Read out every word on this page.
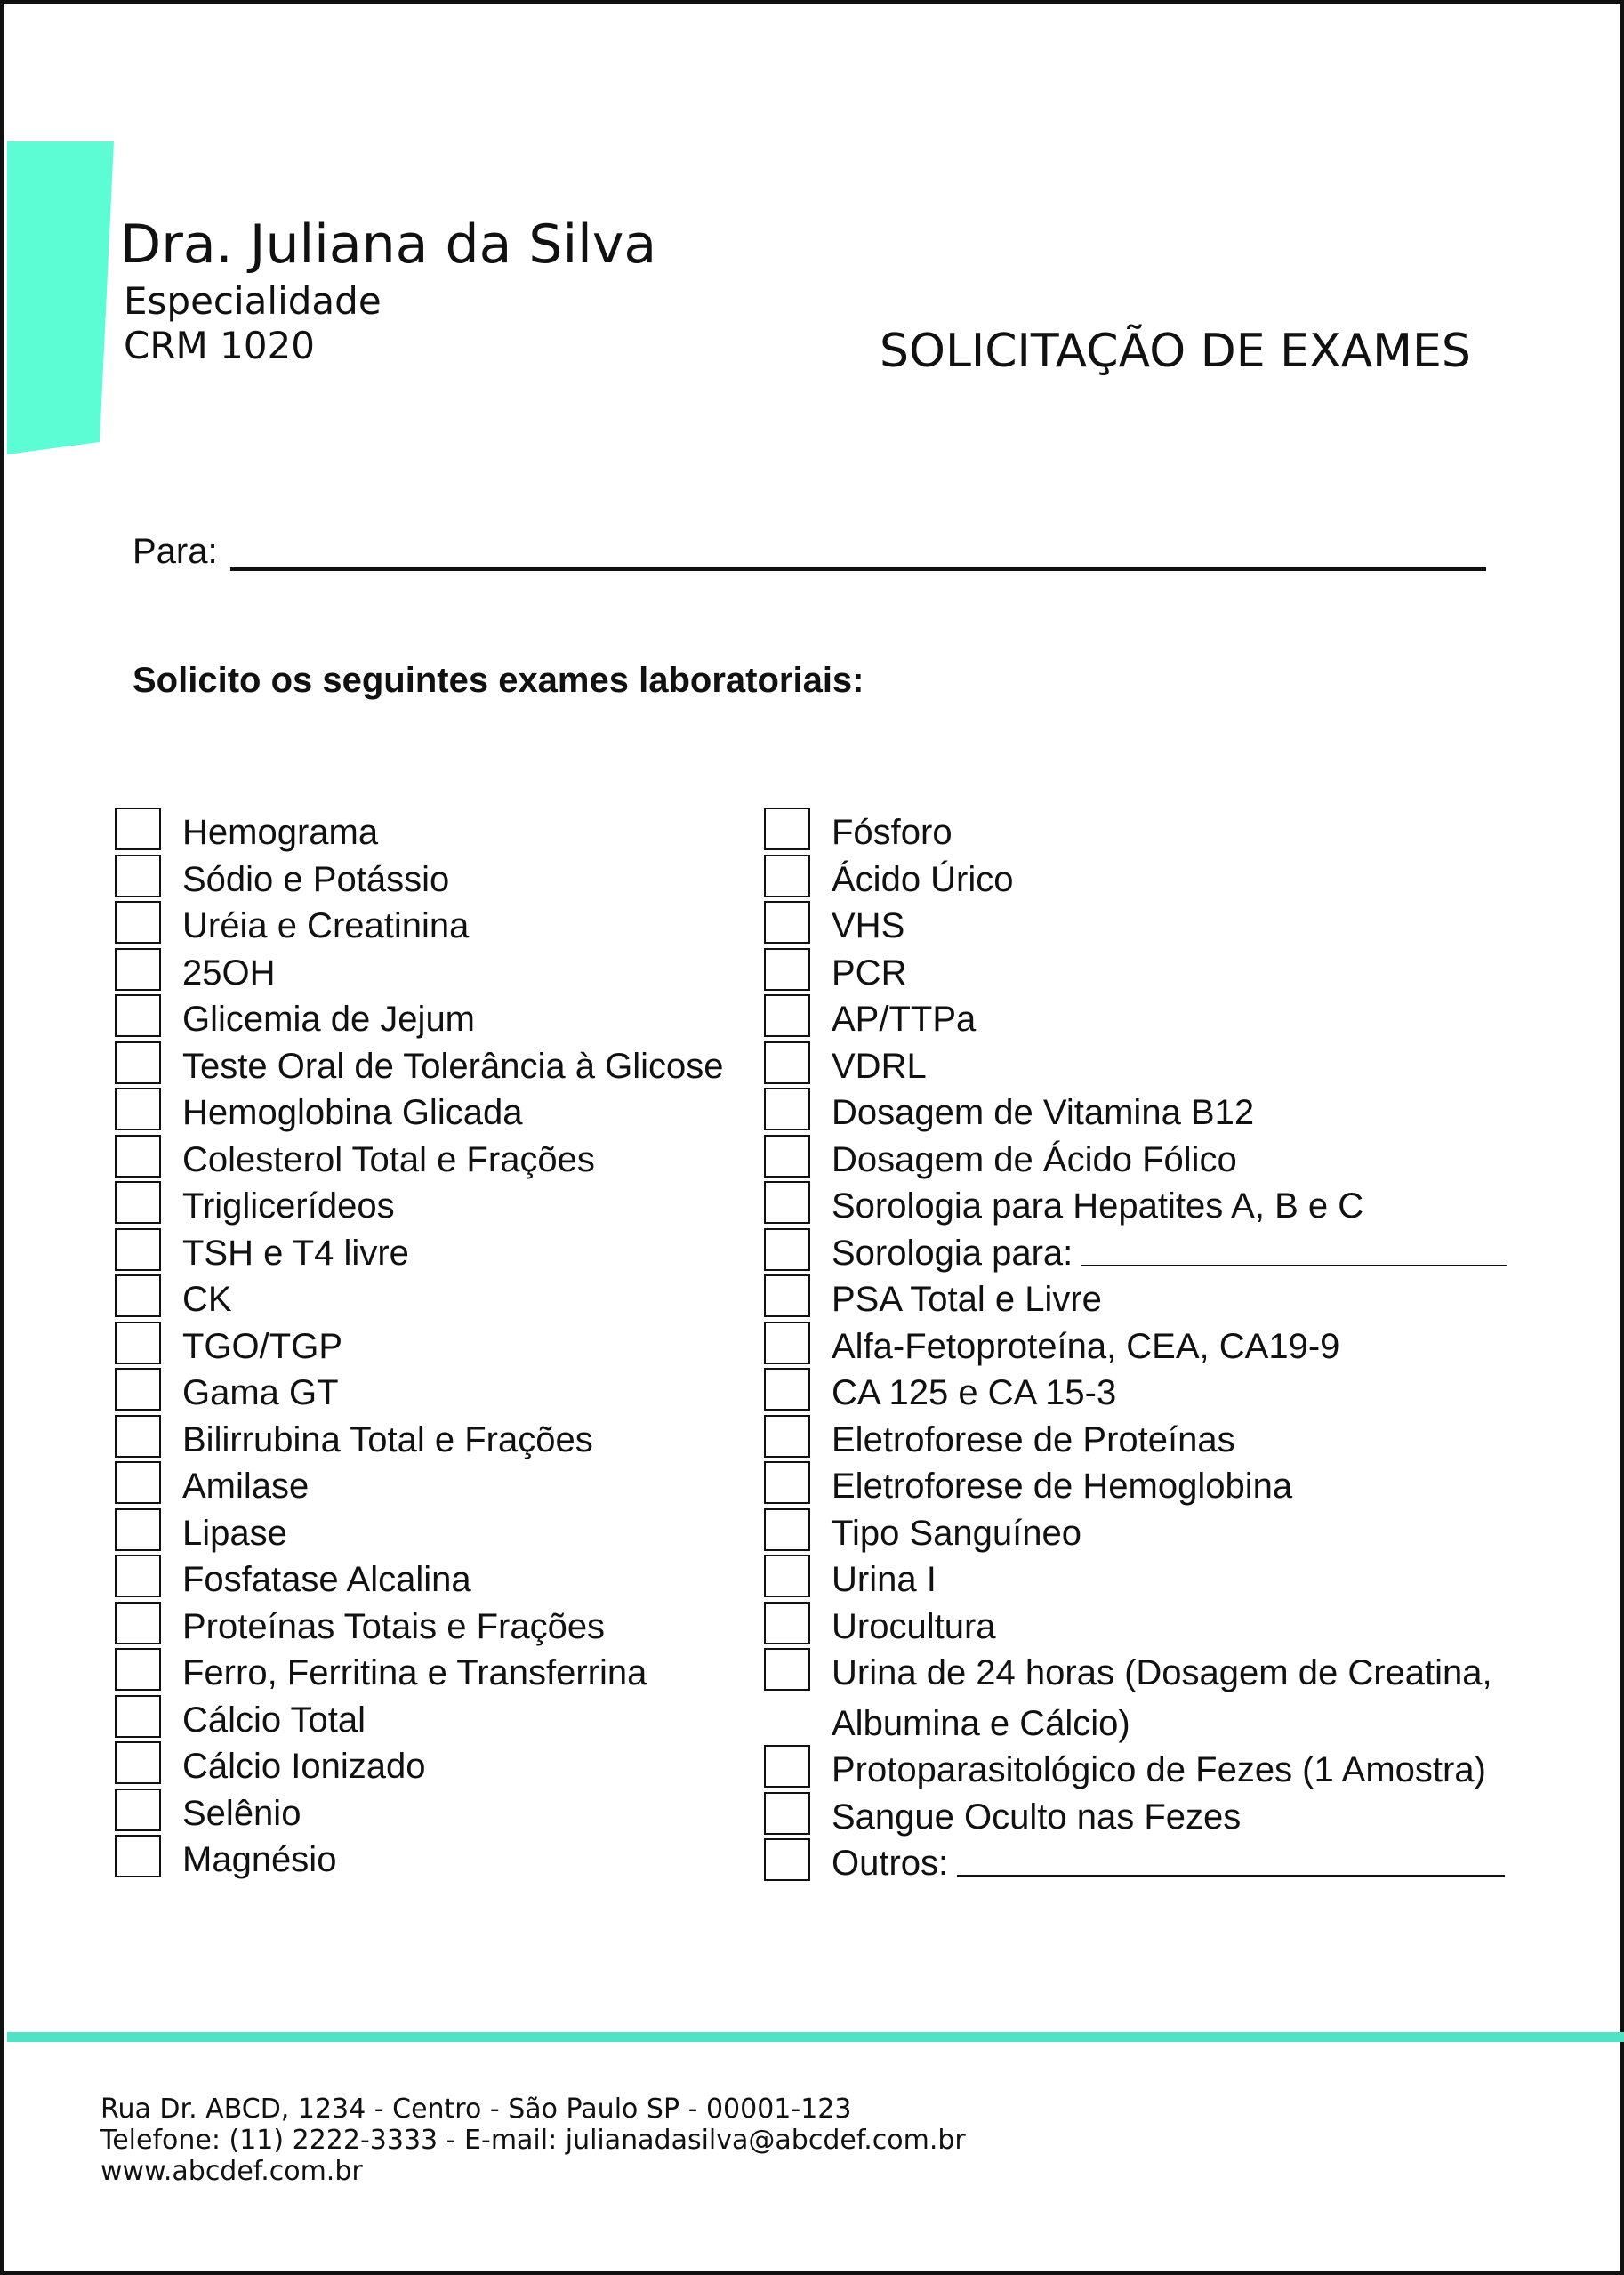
Dra. Juliana da Silva
Especialidade
CRM 1020	SOLICITAÇÃO DE EXAMES
Para:
Solicito os seguintes exames laboratoriais:
Hemograma
Sódio e Potássio
Uréia e Creatinina
25OH
Glicemia de Jejum
Teste Oral de Tolerância à Glicose
Hemoglobina Glicada
Colesterol Total e Frações
Triglicerídeos
TSH e T4 livre
CK
TGO/TGP
Gama GT
Bilirrubina Total e Frações
Amilase
Lipase
Fosfatase Alcalina
Proteínas Totais e Frações
Ferro, Ferritina e Transferrina
Cálcio Total
Cálcio Ionizado
Selênio
Magnésio
Fósforo
Ácido Úrico
VHS
PCR
AP/TTPa
VDRL
Dosagem de Vitamina B12
Dosagem de Ácido Fólico
Sorologia para Hepatites A, B e C
Sorologia para:
PSA Total e Livre
Alfa-Fetoproteína, CEA, CA19-9
CA 125 e CA 15-3
Eletroforese de Proteínas
Eletroforese de Hemoglobina
Tipo Sanguíneo
Urina I
Urocultura
Urina de 24 horas (Dosagem de Creatina, Albumina e Cálcio)
Protoparasitológico de Fezes (1 Amostra)
Sangue Oculto nas Fezes
Outros:
Rua Dr. ABCD, 1234 - Centro - São Paulo SP - 00001-123
Telefone: (11) 2222-3333 - E-mail: julianadasilva@abcdef.com.br
www.abcdef.com.br
